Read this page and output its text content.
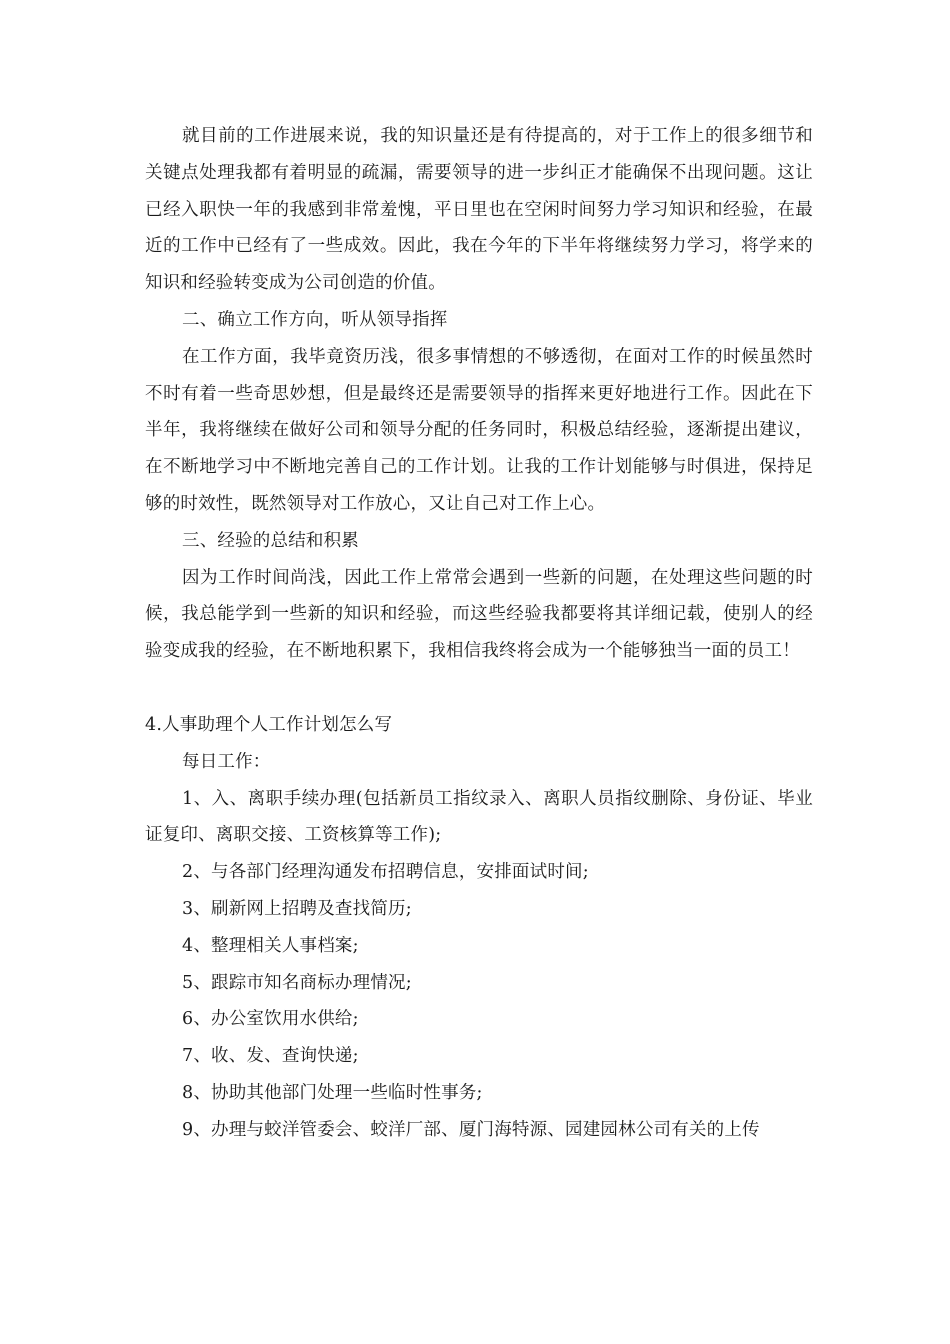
就目前的工作进展来说，我的知识量还是有待提高的，对于工作上的很多细节和关键点处理我都有着明显的疏漏，需要领导的进一步纠正才能确保不出现问题。这让已经入职快一年的我感到非常羞愧，平日里也在空闲时间努力学习知识和经验，在最近的工作中已经有了一些成效。因此，我在今年的下半年将继续努力学习，将学来的知识和经验转变成为公司创造的价值。

二、确立工作方向，听从领导指挥

在工作方面，我毕竟资历浅，很多事情想的不够透彻，在面对工作的时候虽然时不时有着一些奇思妙想，但是最终还是需要领导的指挥来更好地进行工作。因此在下半年，我将继续在做好公司和领导分配的任务同时，积极总结经验，逐渐提出建议，在不断地学习中不断地完善自己的工作计划。让我的工作计划能够与时俱进，保持足够的时效性，既然领导对工作放心，又让自己对工作上心。

三、经验的总结和积累

因为工作时间尚浅，因此工作上常常会遇到一些新的问题，在处理这些问题的时候，我总能学到一些新的知识和经验，而这些经验我都要将其详细记载，使别人的经验变成我的经验，在不断地积累下，我相信我终将会成为一个能够独当一面的员工！

4.人事助理个人工作计划怎么写

每日工作：

1、入、离职手续办理(包括新员工指纹录入、离职人员指纹删除、身份证、毕业证复印、离职交接、工资核算等工作);

2、与各部门经理沟通发布招聘信息，安排面试时间;

3、刷新网上招聘及查找简历;

4、整理相关人事档案;

5、跟踪市知名商标办理情况;

6、办公室饮用水供给;

7、收、发、查询快递;

8、协助其他部门处理一些临时性事务;

9、办理与蛟洋管委会、蛟洋厂部、厦门海特源、园建园林公司有关的上传
